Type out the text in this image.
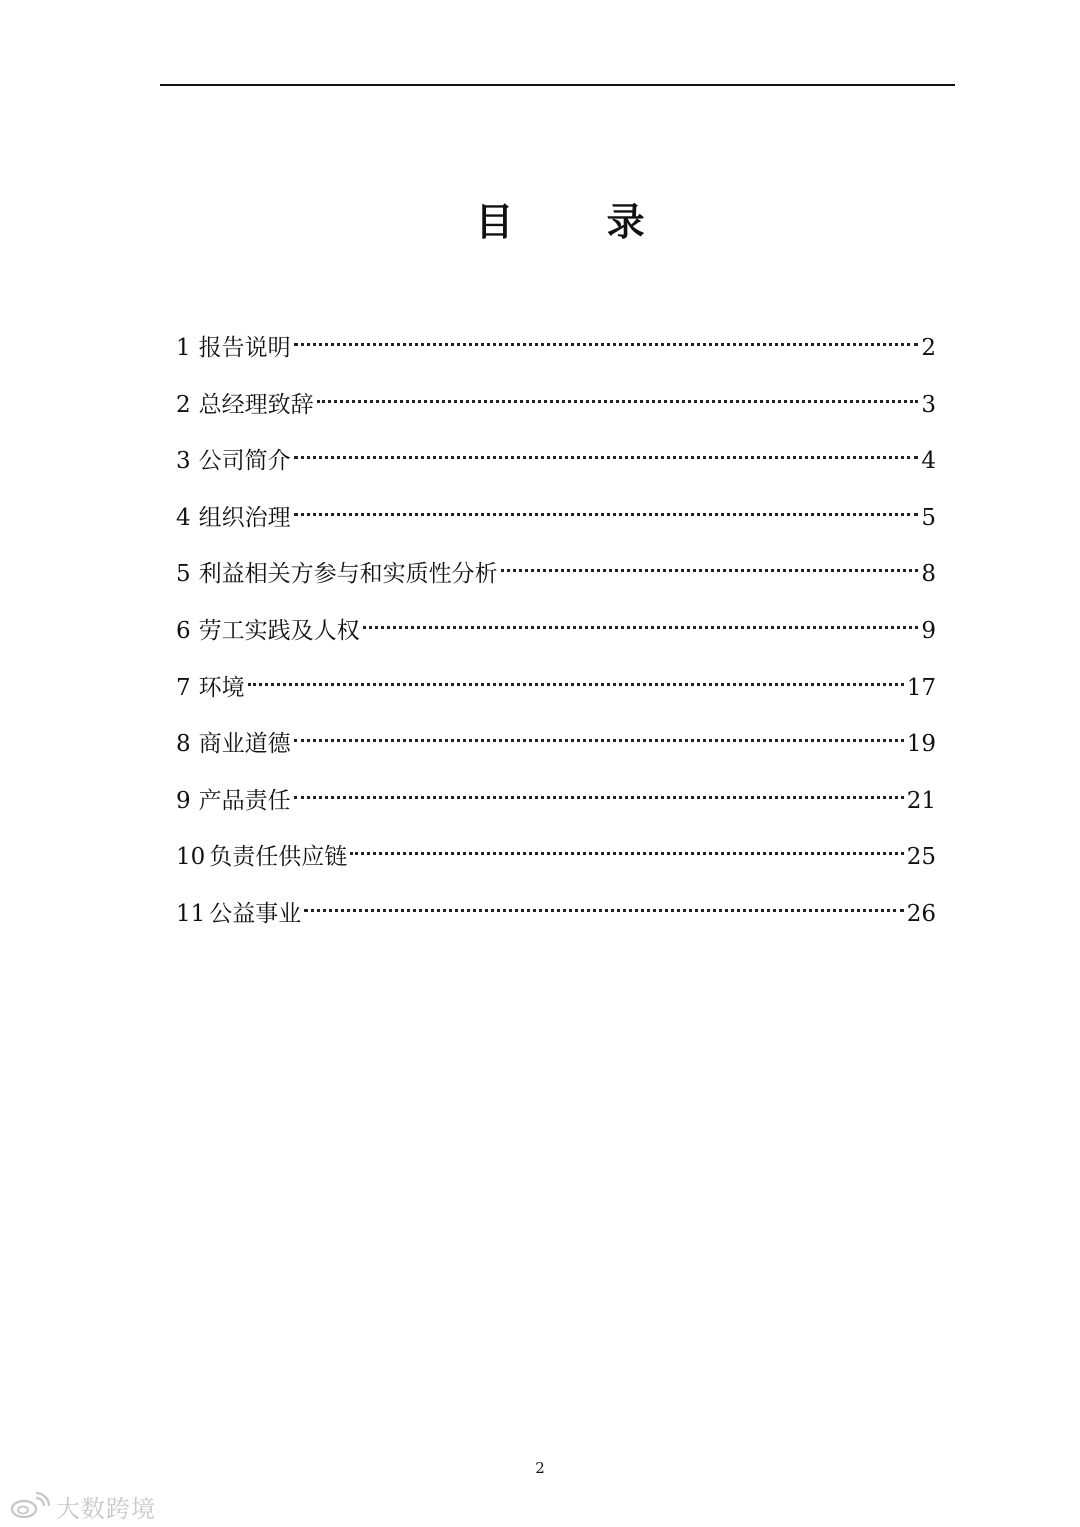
目 录
1 报告说明	2
2 总经理致辞	3
3 公司简介	4
4 组织治理	5
5 利益相关方参与和实质性分析	8
6 劳工实践及人权	9
7 环境	17
8 商业道德	19
9 产品责任	21
10 负责任供应链	25
11 公益事业	26
2
大数跨境
